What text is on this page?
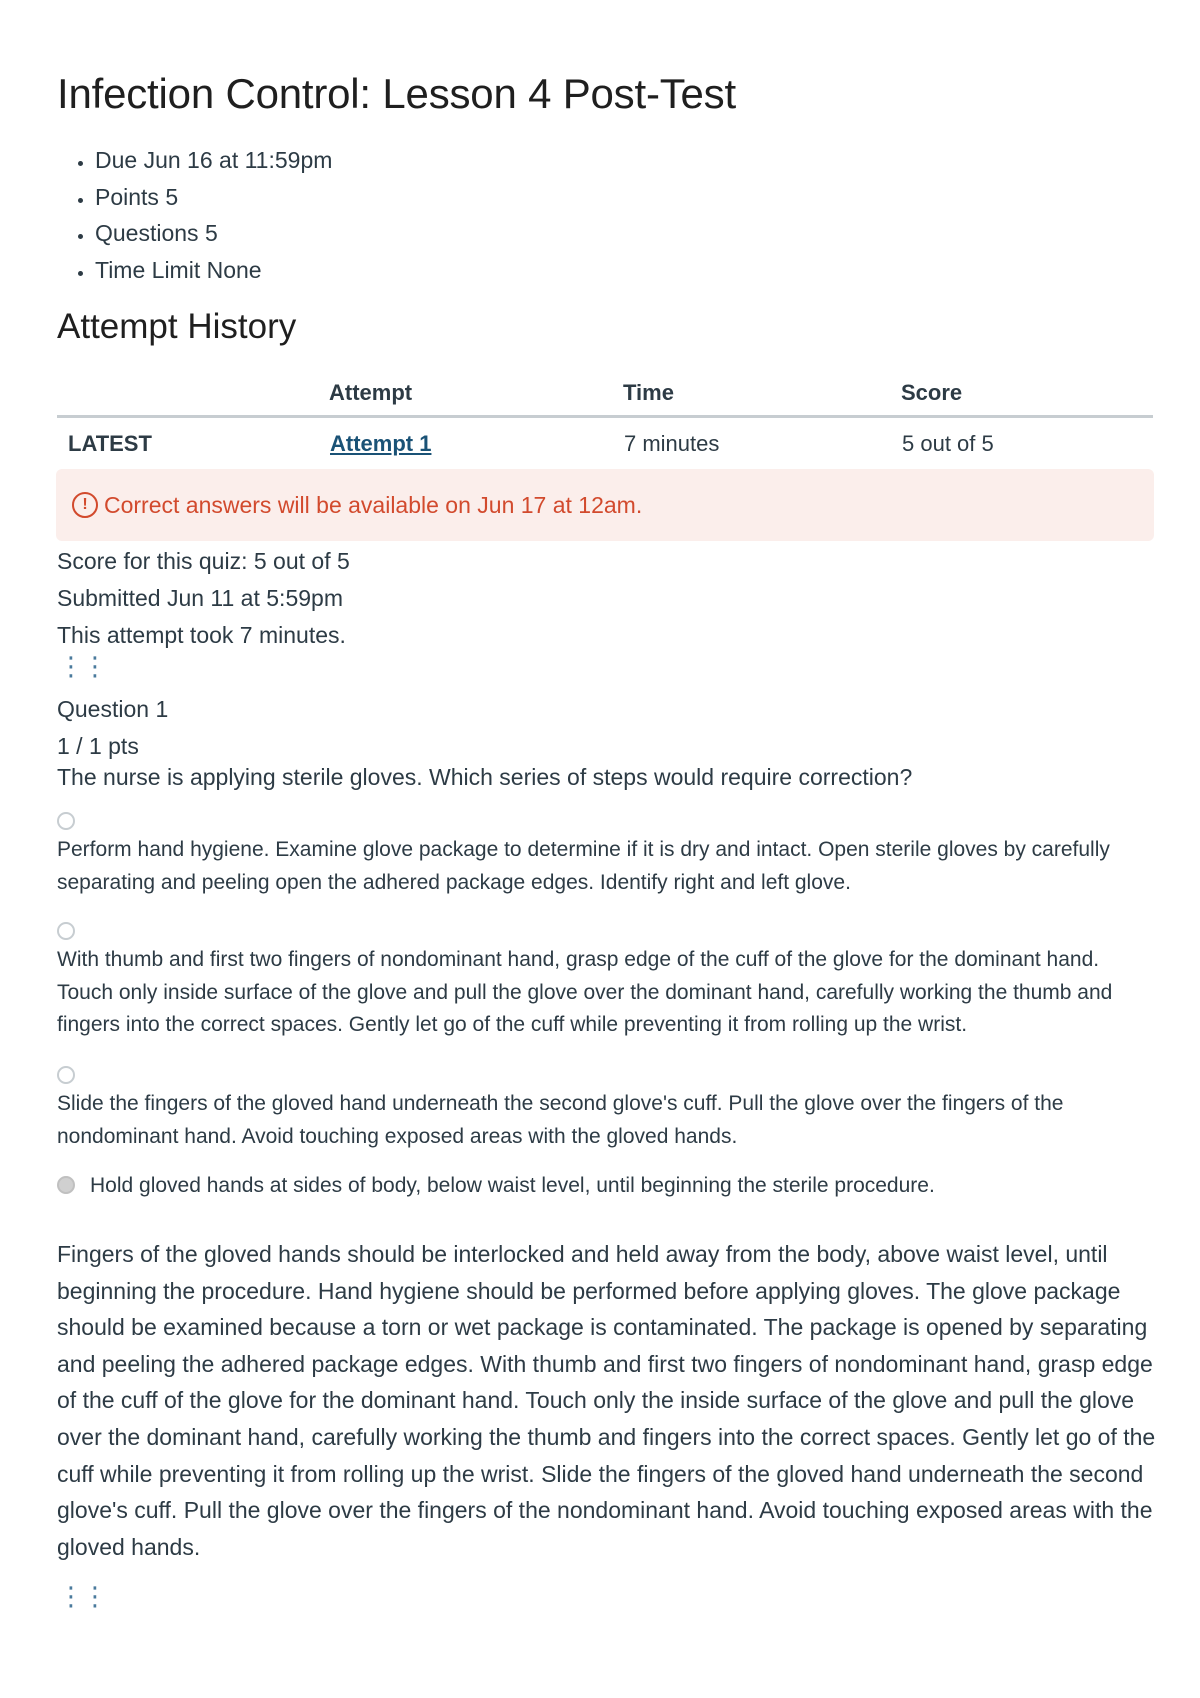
Infection Control: Lesson 4 Post-Test
• Due Jun 16 at 11:59pm
• Points 5
• Questions 5
• Time Limit None
Attempt History
	Attempt	Time	Score
LATEST	Attempt 1	7 minutes	5 out of 5
! Correct answers will be available on Jun 17 at 12am.
Score for this quiz: 5 out of 5
Submitted Jun 11 at 5:59pm
This attempt took 7 minutes.
⋮⋮
Question 1
1 / 1 pts
The nurse is applying sterile gloves. Which series of steps would require correction?
Perform hand hygiene. Examine glove package to determine if it is dry and intact. Open sterile gloves by carefully separating and peeling open the adhered package edges. Identify right and left glove.
With thumb and first two fingers of nondominant hand, grasp edge of the cuff of the glove for the dominant hand. Touch only inside surface of the glove and pull the glove over the dominant hand, carefully working the thumb and fingers into the correct spaces. Gently let go of the cuff while preventing it from rolling up the wrist.
Slide the fingers of the gloved hand underneath the second glove's cuff. Pull the glove over the fingers of the nondominant hand. Avoid touching exposed areas with the gloved hands.
Hold gloved hands at sides of body, below waist level, until beginning the sterile procedure.
Fingers of the gloved hands should be interlocked and held away from the body, above waist level, until beginning the procedure. Hand hygiene should be performed before applying gloves. The glove package should be examined because a torn or wet package is contaminated. The package is opened by separating and peeling the adhered package edges. With thumb and first two fingers of nondominant hand, grasp edge of the cuff of the glove for the dominant hand. Touch only the inside surface of the glove and pull the glove over the dominant hand, carefully working the thumb and fingers into the correct spaces. Gently let go of the cuff while preventing it from rolling up the wrist. Slide the fingers of the gloved hand underneath the second glove's cuff. Pull the glove over the fingers of the nondominant hand. Avoid touching exposed areas with the gloved hands.
⋮⋮
